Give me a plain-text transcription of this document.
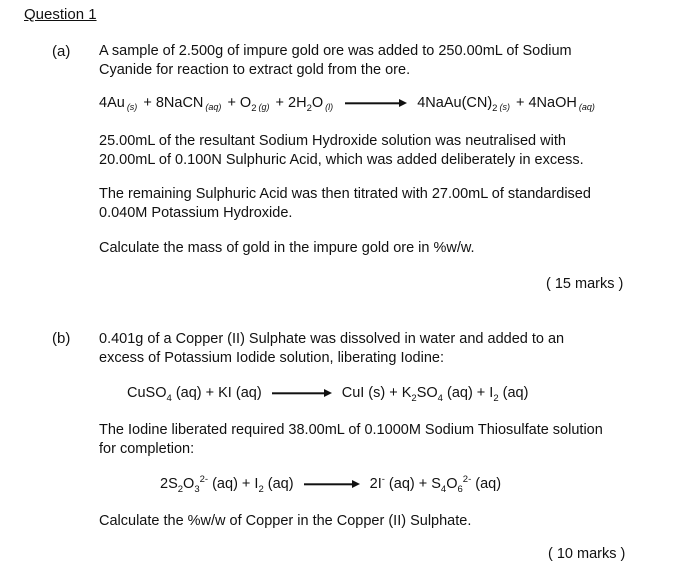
Question 1
(a) A sample of 2.500g of impure gold ore was added to 250.00mL of Sodium
Cyanide for reaction to extract gold from the ore.
4Au $_{(s)}$ + 8NaCN $_{(aq)} + O_2$ $_{(g)} + 2H_2O$ $_{(l)}$	$4NaAu(CN)_2$ $_{(s)}$ + 4NaOH $_{(aq)}$
25.00mL of the resultant Sodium Hydroxide solution was neutralised with
20.00mL of 0.100N Sulphuric Acid, which was added deliberately in excess.
The remaining Sulphuric Acid was then titrated with 27.00mL of standardised
0.040M Potassium Hydroxide.
Calculate the mass of gold in the impure gold ore in %w/w.
( 15 marks )
(b) 0.401g of a Copper (II) Sulphate was dissolved in water and added to an
excess of Potassium Iodide solution, liberating Iodine:
CuSO$_4$ (aq) + KI (aq)	CuI $(s) + K_2SO_4$ $(aq) + I_2$ (aq)
The Iodine liberated required 38.00mL of 0.1000M Sodium Thiosulfate solution
for completion:
$2S_2O_3^{2-}$ $(aq) + I_2$ (aq)	2I- $(aq) + S_4O_6^{2-}$ (aq)
Calculate the %w/w of Copper in the Copper (II) Sulphate.
( 10 marks )
